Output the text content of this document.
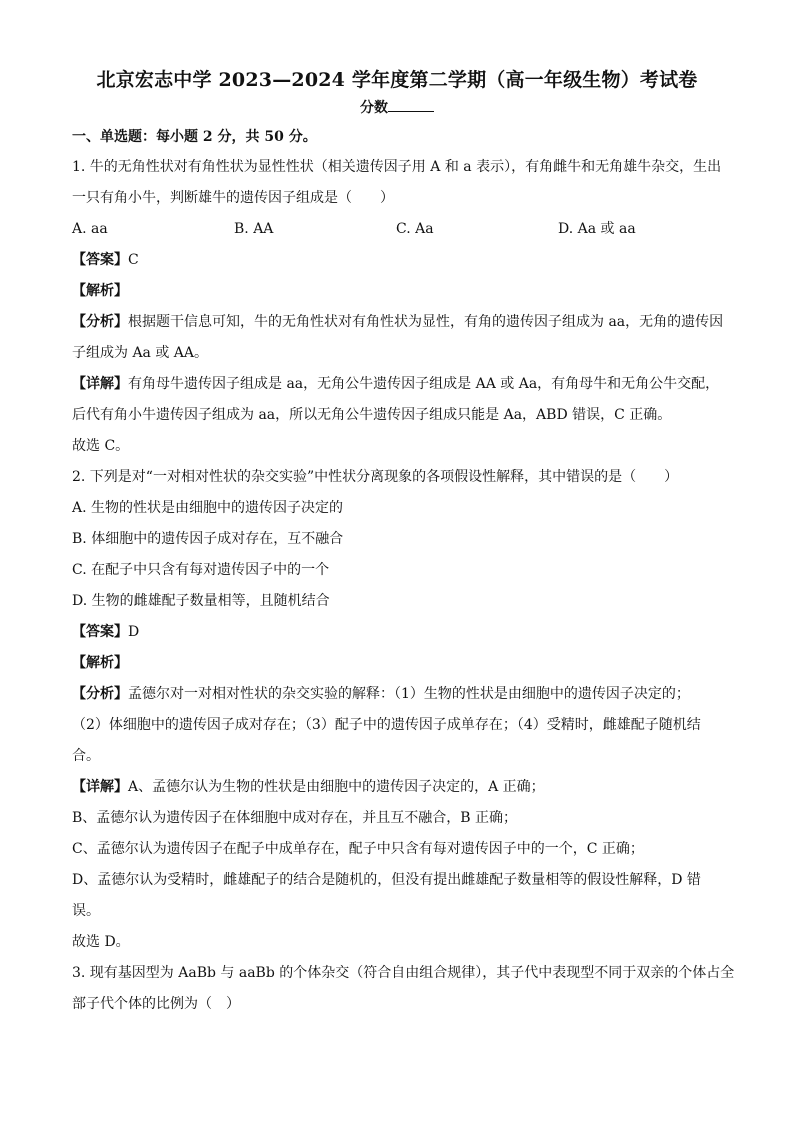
北京宏志中学 2023—2024 学年度第二学期（高一年级生物）考试卷

分数

一、单选题：每小题 2 分，共 50 分。

1. 牛的无角性状对有角性状为显性性状（相关遗传因子用 A 和 a 表示），有角雌牛和无角雄牛杂交，生出

一只有角小牛，判断雄牛的遗传因子组成是（　　）

A. aa	B. AA	C. Aa	D. Aa 或 aa

【答案】C

【解析】

【分析】根据题干信息可知，牛的无角性状对有角性状为显性，有角的遗传因子组成为 aa，无角的遗传因

子组成为 Aa 或 AA。

【详解】有角母牛遗传因子组成是 aa，无角公牛遗传因子组成是 AA 或 Aa，有角母牛和无角公牛交配，

后代有角小牛遗传因子组成为 aa，所以无角公牛遗传因子组成只能是 Aa，ABD 错误，C 正确。

故选 C。

2. 下列是对“一对相对性状的杂交实验”中性状分离现象的各项假设性解释，其中错误的是（　　）

A. 生物的性状是由细胞中的遗传因子决定的

B. 体细胞中的遗传因子成对存在，互不融合

C. 在配子中只含有每对遗传因子中的一个

D. 生物的雌雄配子数量相等，且随机结合

【答案】D

【解析】

【分析】孟德尔对一对相对性状的杂交实验的解释：（1）生物的性状是由细胞中的遗传因子决定的；

（2）体细胞中的遗传因子成对存在；（3）配子中的遗传因子成单存在；（4）受精时，雌雄配子随机结

合。

【详解】A、孟德尔认为生物的性状是由细胞中的遗传因子决定的，A 正确；

B、孟德尔认为遗传因子在体细胞中成对存在，并且互不融合，B 正确；

C、孟德尔认为遗传因子在配子中成单存在，配子中只含有每对遗传因子中的一个，C 正确；

D、孟德尔认为受精时，雌雄配子的结合是随机的，但没有提出雌雄配子数量相等的假设性解释，D 错

误。

故选 D。

3. 现有基因型为 AaBb 与 aaBb 的个体杂交（符合自由组合规律），其子代中表现型不同于双亲的个体占全

部子代个体的比例为（　）
